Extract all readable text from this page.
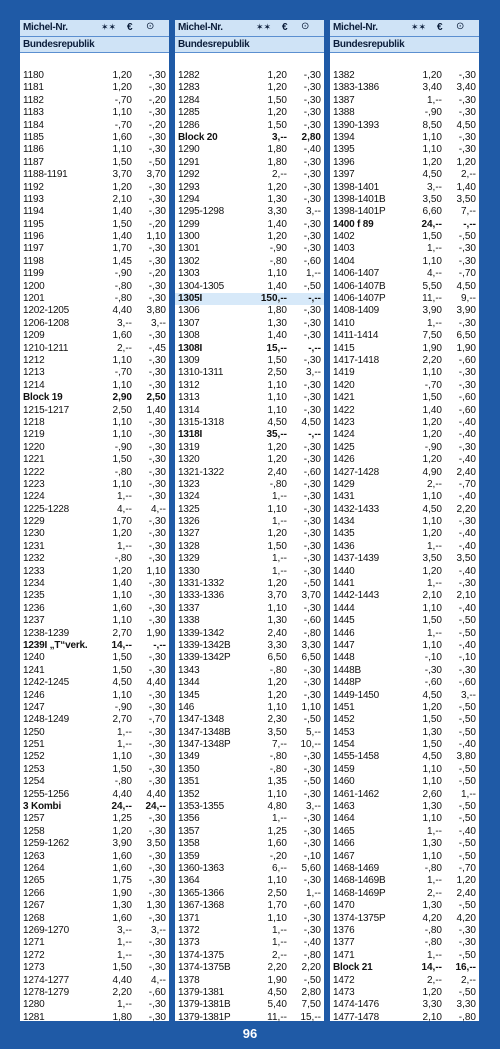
Michel-Nr.	✶✶ € ⊙
Bundesrepublik
1180	1,20 -,30
1181	1,20 -,30
1182	-,70 -,20
1183	1,10 -,30
1184	-,70 -,20
1185	1,60 -,30
1186	1,10 -,30
1187	1,50 -,50
1188-1191	3,70 3,70
1192	1,20 -,30
1193	2,10 -,30
1194	1,40 -,30
1195	1,50 -,20
1196	1,40 1,10
1197	1,70 -,30
1198	1,45 -,30
1199	-,90 -,20
1200	-,80 -,30
1201	-,80 -,30
1202-1205	4,40 3,80
1206-1208	3,-- 3,--
1209	1,60 -,30
1210-1211	2,-- -,45
1212	1,10 -,30
1213	-,70 -,30
1214	1,10 -,30
Block 19	2,90 2,50
1215-1217	2,50 1,40
1218	1,10 -,30
1219	1,10 -,30
1220	-,90 -,30
1221	1,50 -,30
1222	-,80 -,30
1223	1,10 -,30
1224	1,-- -,30
1225-1228	4,-- 4,--
1229	1,70 -,30
1230	1,20 -,30
1231	1,-- -,30
1232	-,80 -,30
1233	1,20 1,10
1234	1,40 -,30
1235	1,10 -,30
1236	1,60 -,30
1237	1,10 -,30
1238-1239	2,70 1,90
1239I „T“verk. 14,-- -,--
1240	1,50 -,30
1241	1,50 -,30
1242-1245	4,50 4,40
1246	1,10 -,30
1247	-,90 -,30
1248-1249	2,70 -,70
1250	1,-- -,30
1251	1,-- -,30
1252	1,10 -,30
1253	1,50 -,30
1254	-,80 -,30
1255-1256	4,40 4,40
3 Kombi	24,-- 24,--
1257	1,25 -,30
1258	1,20 -,30
1259-1262	3,90 3,50
1263	1,60 -,30
1264	1,60 -,30
1265	1,75 -,30
1266	1,90 -,30
1267	1,30 1,30
1268	1,60 -,30
1269-1270	3,-- 3,--
1271	1,-- -,30
1272	1,-- -,30
1273	1,50 -,30
1274-1277	4,40 4,--
1278-1279	2,20 -,60
1280	1,-- -,30
1281	1,80 -,30
Michel-Nr.	✶✶ € ⊙
Bundesrepublik
1282	1,20 -,30
1283	1,20 -,30
1284	1,50 -,30
1285	1,20 -,30
1286	1,50 -,30
Block 20	3,-- 2,80
1290	1,80 -,40
1291	1,80 -,30
1292	2,-- -,30
1293	1,20 -,30
1294	1,30 -,30
1295-1298	3,30 3,--
1299	1,40 -,30
1300	1,20 -,30
1301	-,90 -,30
1302	-,80 -,60
1303	1,10 1,--
1304-1305	1,40 -,50
1305I	150,-- -,--
1306	1,80 -,30
1307	1,30 -,30
1308	1,40 -,30
1308I	15,-- -,--
1309	1,50 -,30
1310-1311	2,50 3,--
1312	1,10 -,30
1313	1,10 -,30
1314	1,10 -,30
1315-1318	4,50 4,50
1318I	35,-- -,--
1319	1,20 -,30
1320	1,20 -,30
1321-1322	2,40 -,60
1323	-,80 -,30
1324	1,-- -,30
1325	1,10 -,30
1326	1,-- -,30
1327	1,20 -,30
1328	1,50 -,30
1329	1,-- -,30
1330	1,-- -,30
1331-1332	1,20 -,50
1333-1336	3,70 3,70
1337	1,10 -,30
1338	1,30 -,60
1339-1342	2,40 -,80
1339-1342B	3,30 3,30
1339-1342P	6,50 6,50
1343	-,80 -,30
1344	1,20 -,30
1345	1,20 -,30
146	1,10 1,10
1347-1348	2,30 -,50
1347-1348B	3,50 5,--
1347-1348P	7,-- 10,--
1349	-,80 -,30
1350	-,80 -,30
1351	1,35 -,50
1352	1,10 -,30
1353-1355	4,80 3,--
1356	1,-- -,30
1357	1,25 -,30
1358	1,60 -,30
1359	-,20 -,10
1360-1363	6,-- 5,60
1364	1,10 -,30
1365-1366	2,50 1,--
1367-1368	1,70 -,60
1371	1,10 -,30
1372	1,-- -,30
1373	1,-- -,40
1374-1375	2,-- -,80
1374-1375B	2,20 2,20
1378	1,90 -,50
1379-1381	4,50 2,80
1379-1381B	5,40 7,50
1379-1381P	11,-- 15,--
Michel-Nr.	✶✶ € ⊙
Bundesrepublik
1382	1,20 -,30
1383-1386	3,40 3,40
1387	1,-- -,30
1388	-,90 -,30
1390-1393	8,50 4,50
1394	1,10 -,30
1395	1,10 -,30
1396	1,20 1,20
1397	4,50 2,--
1398-1401	3,-- 1,40
1398-1401B	3,50 3,50
1398-1401P	6,60 7,--
1400 f 89	24,-- -,--
1402	1,50 -,50
1403	1,-- -,30
1404	1,10 -,30
1406-1407	4,-- -,70
1406-1407B	5,50 4,50
1406-1407P	11,-- 9,--
1408-1409	3,90 3,90
1410	1,-- -,30
1411-1414	7,50 6,50
1415	1,90 1,90
1417-1418	2,20 -,60
1419	1,10 -,30
1420	-,70 -,30
1421	1,50 -,60
1422	1,40 -,60
1423	1,20 -,40
1424	1,20 -,40
1425	-,90 -,30
1426	1,20 -,40
1427-1428	4,90 2,40
1429	2,-- -,70
1431	1,10 -,40
1432-1433	4,50 2,20
1434	1,10 -,30
1435	1,20 -,40
1436	1,-- -,40
1437-1439	3,50 3,50
1440	1,20 -,40
1441	1,-- -,30
1442-1443	2,10 2,10
1444	1,10 -,40
1445	1,50 -,50
1446	1,-- -,50
1447	1,10 -,40
1448	-,10 -,10
1448B	-,30 -,30
1448P	-,60 -,60
1449-1450	4,50 3,--
1451	1,20 -,50
1452	1,50 -,50
1453	1,30 -,50
1454	1,50 -,40
1455-1458	4,50 3,80
1459	1,10 -,50
1460	1,10 -,50
1461-1462	2,60 1,--
1463	1,30 -,50
1464	1,10 -,50
1465	1,-- -,40
1466	1,30 -,50
1467	1,10 -,50
1468-1469	-,80 -,70
1468-1469B	1,-- 1,20
1468-1469P	2,-- 2,40
1470	1,30 -,50
1374-1375P	4,20 4,20
1376	-,80 -,30
1377	-,80 -,30
1471	1,-- -,50
Block 21	14,-- 16,--
1472	2,-- 2,--
1473	1,20 -,50
1474-1476	3,30 3,30
1477-1478	2,10 -,80
96
